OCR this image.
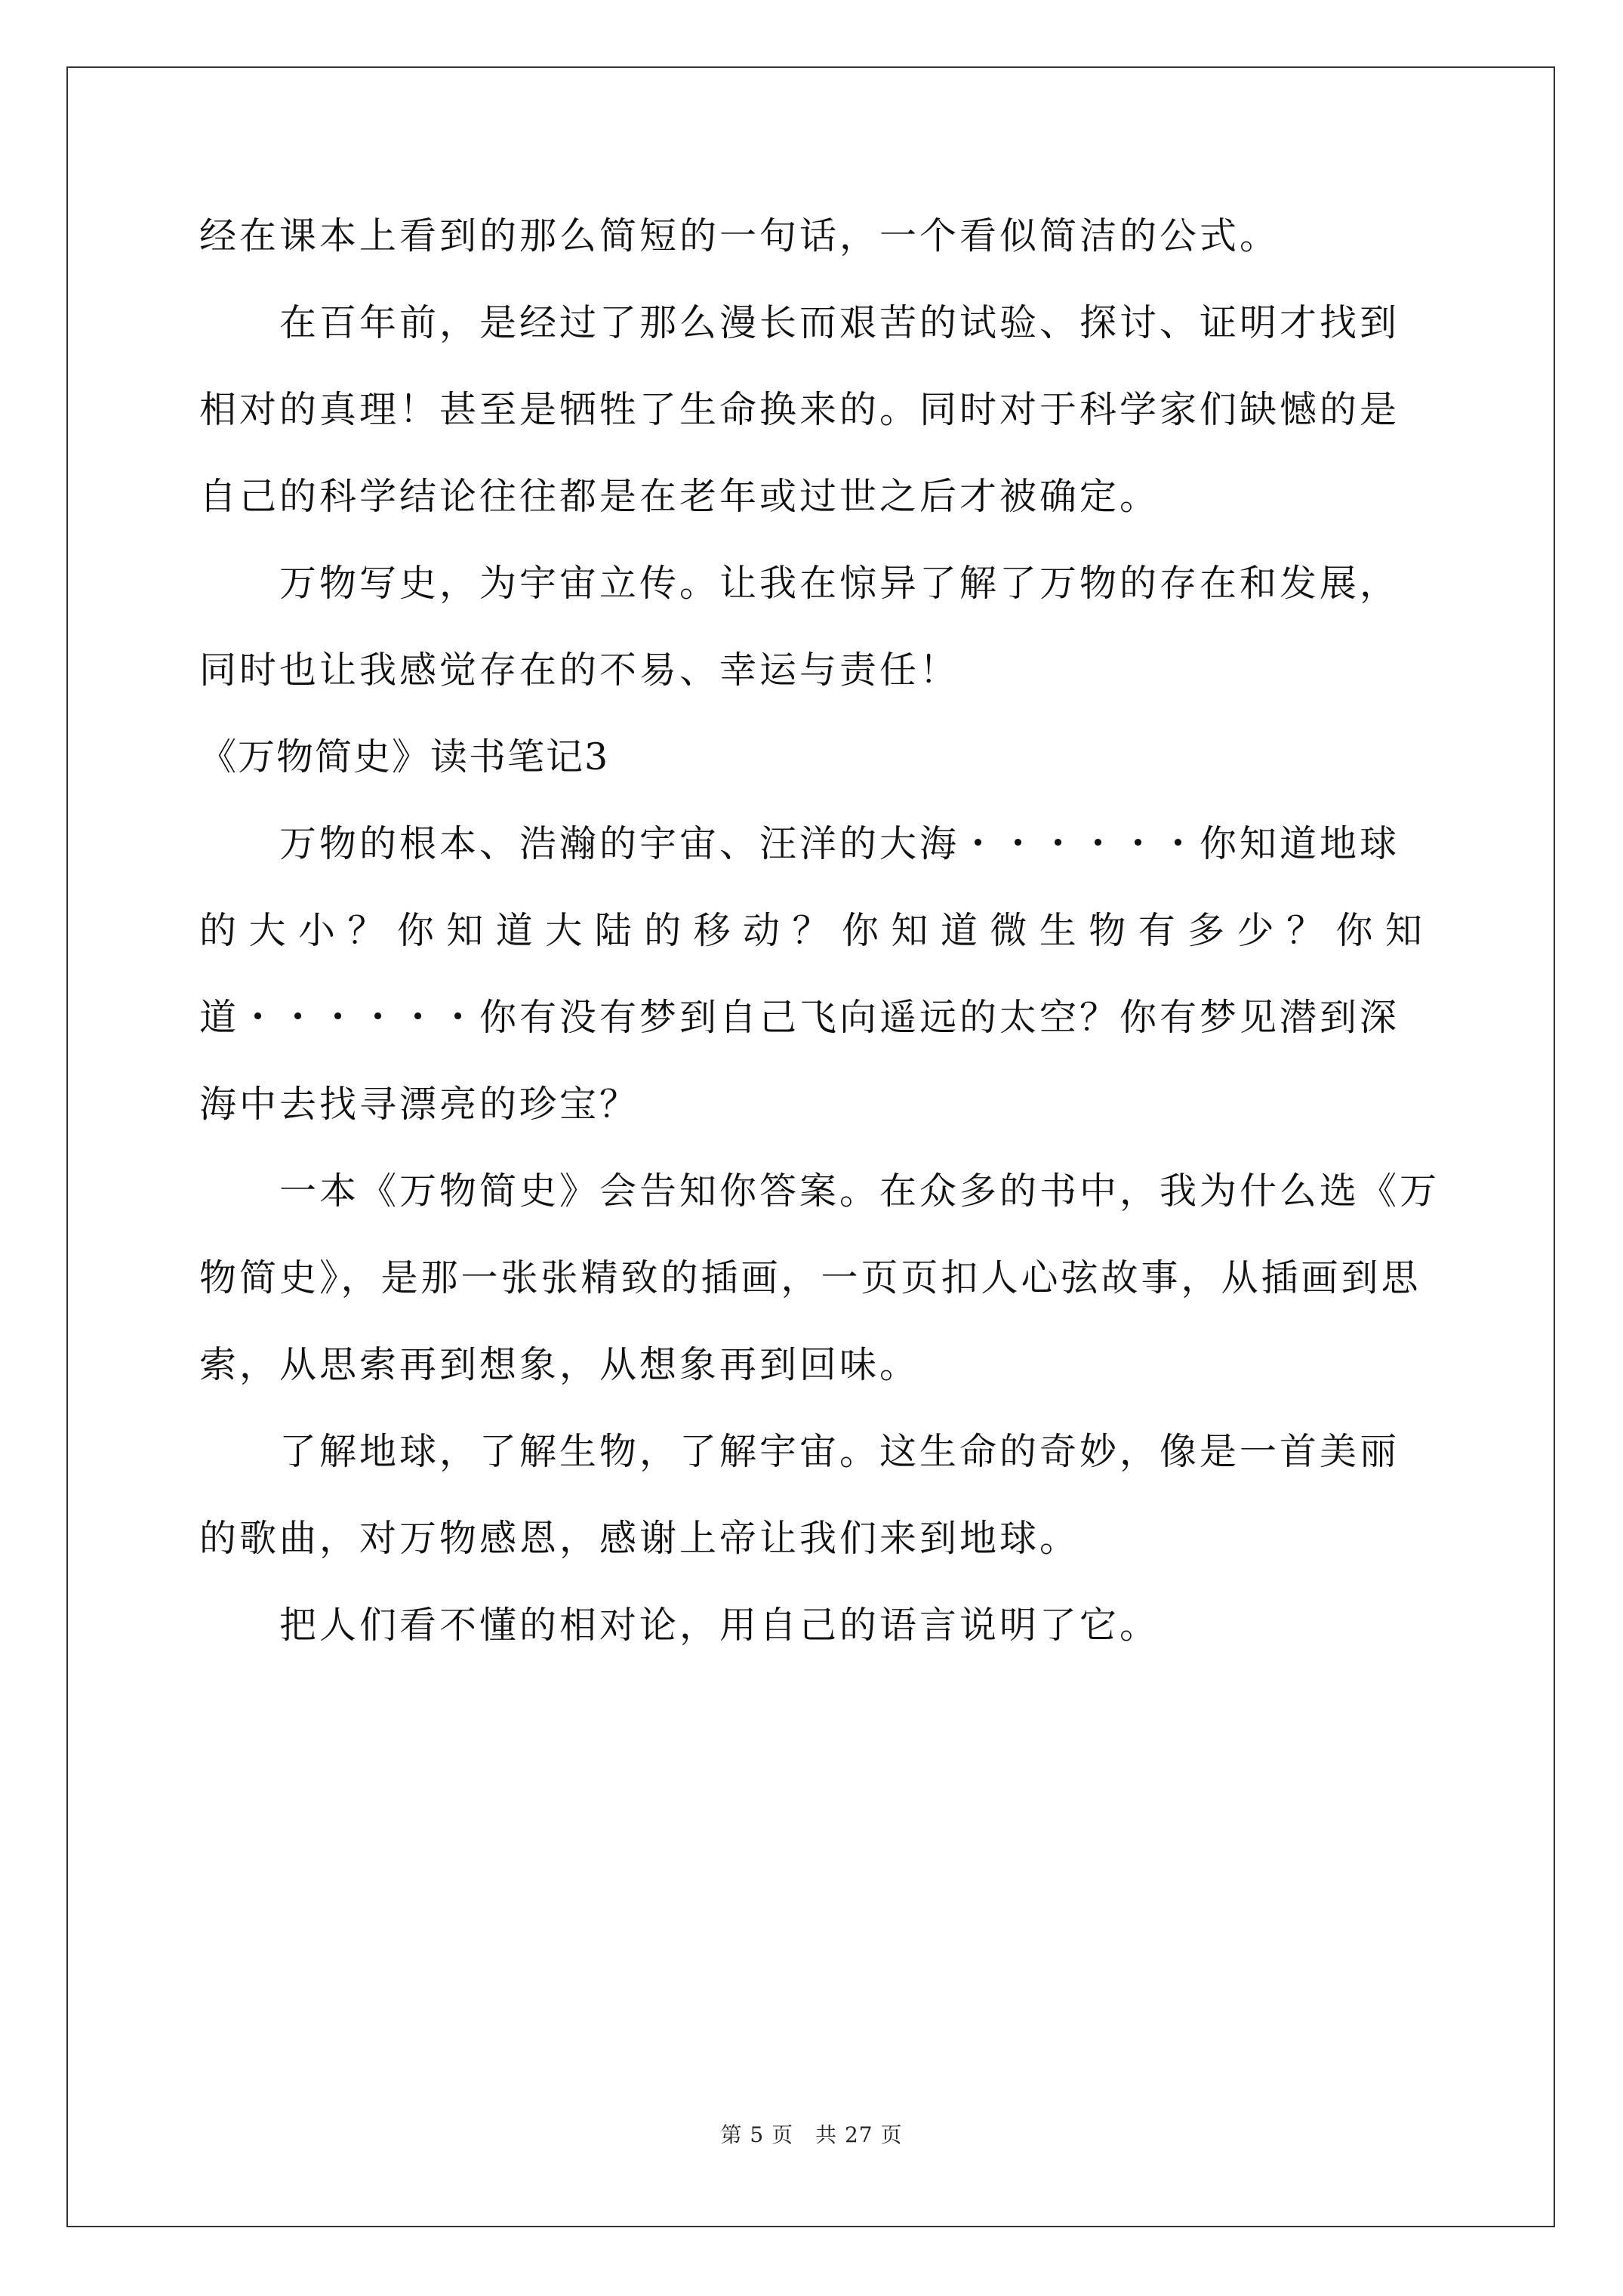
经在课本上看到的那么简短的一句话，一个看似简洁的公式。
在百年前，是经过了那么漫长而艰苦的试验、探讨、证明才找到
相对的真理！甚至是牺牲了生命换来的。同时对于科学家们缺憾的是
自己的科学结论往往都是在老年或过世之后才被确定。
万物写史，为宇宙立传。让我在惊异了解了万物的存在和发展，
同时也让我感觉存在的不易、幸运与责任！
《万物简史》读书笔记3
万物的根本、浩瀚的宇宙、汪洋的大海・・・・・・你知道地球
的大小？你知道大陆的移动？你知道微生物有多少？你知
道・・・・・・你有没有梦到自己飞向遥远的太空？你有梦见潜到深
海中去找寻漂亮的珍宝？
一本《万物简史》会告知你答案。在众多的书中，我为什么选《万
物简史》，是那一张张精致的插画，一页页扣人心弦故事，从插画到思
索，从思索再到想象，从想象再到回味。
了解地球，了解生物，了解宇宙。这生命的奇妙，像是一首美丽
的歌曲，对万物感恩，感谢上帝让我们来到地球。
把人们看不懂的相对论，用自己的语言说明了它。
第 5 页　共 27 页
